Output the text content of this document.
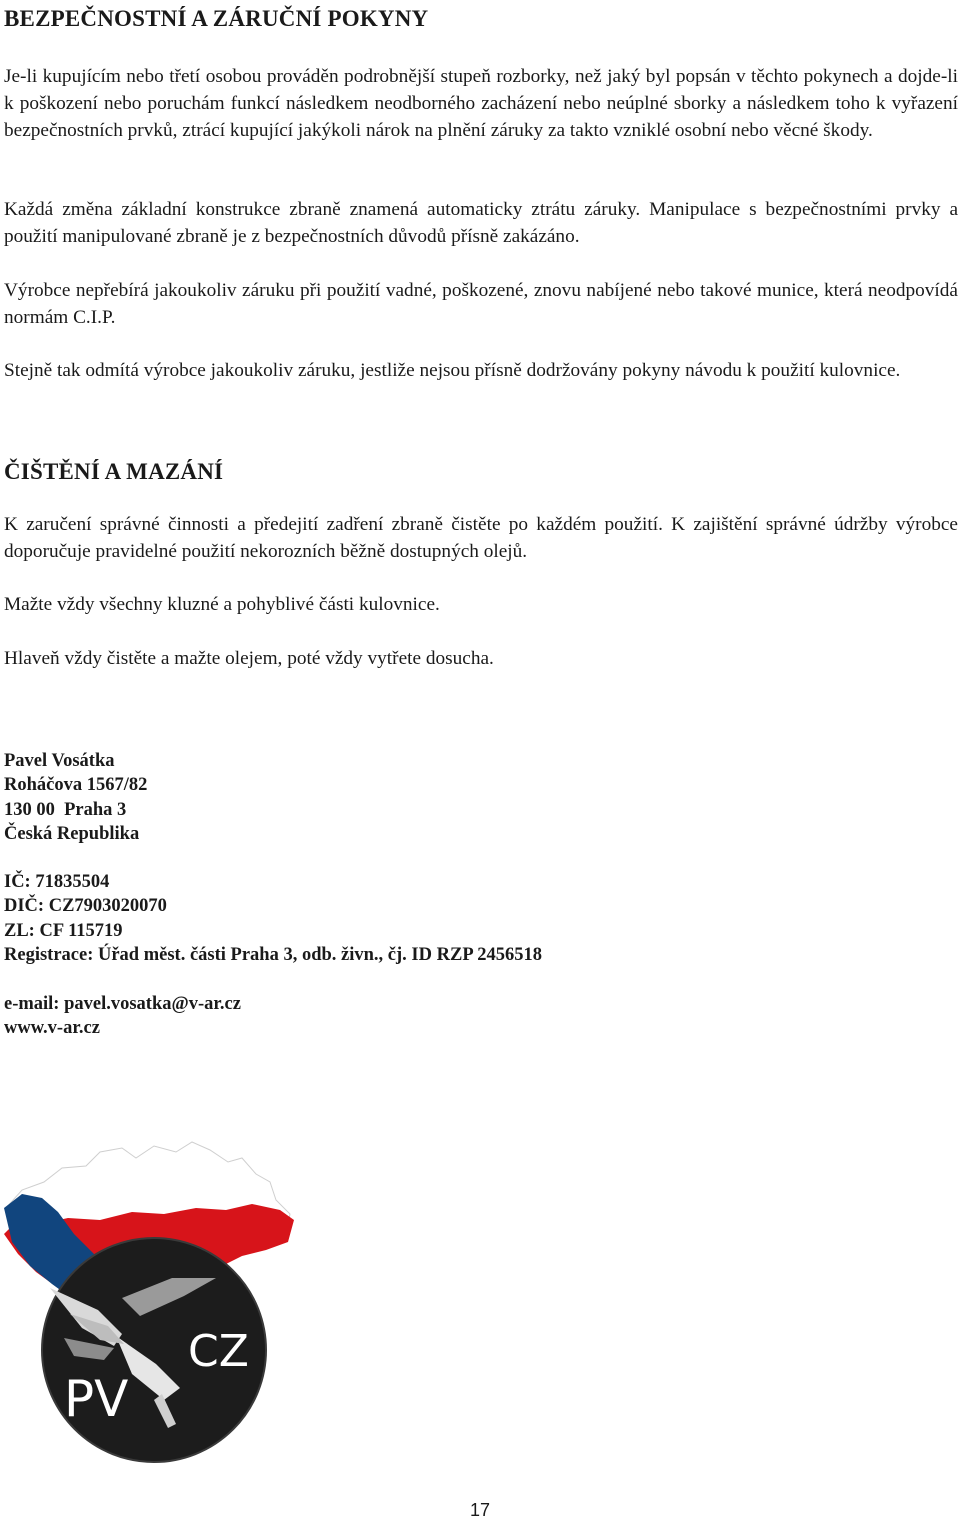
BEZPEČNOSTNÍ A ZÁRUČNÍ POKYNY

Je-li kupujícím nebo třetí osobou prováděn podrobnější stupeň rozborky, než jaký byl popsán v těchto pokynech a dojde-li k poškození nebo poruchám funkcí následkem neodborného zacházení nebo neúplné sborky a následkem toho k vyřazení bezpečnostních prvků, ztrácí kupující jakýkoli nárok na plnění záruky za takto vzniklé osobní nebo věcné škody.

Každá změna základní konstrukce zbraně znamená automaticky ztrátu záruky. Manipulace s bezpečnostními prvky a použití manipulované zbraně je z bezpečnostních důvodů přísně zakázáno.

Výrobce nepřebírá jakoukoliv záruku při použití vadné, poškozené, znovu nabíjené nebo takové munice, která neodpovídá normám C.I.P.

Stejně tak odmítá výrobce jakoukoliv záruku, jestliže nejsou přísně dodržovány pokyny návodu k použití kulovnice.

ČIŠTĚNÍ A MAZÁNÍ

K zaručení správné činnosti a předejití zadření zbraně čistěte po každém použití. K zajištění správné údržby výrobce doporučuje pravidelné použití nekorozních běžně dostupných olejů.

Mažte vždy všechny kluzné a pohyblivé části kulovnice.

Hlaveň vždy čistěte a mažte olejem, poté vždy vytřete dosucha.

Pavel Vosátka
Roháčova 1567/82
130 00  Praha 3
Česká Republika
IČ: 71835504
DIČ: CZ7903020070
ZL: CF 115719
Registrace: Úřad měst. části Praha 3, odb. živn., čj. ID RZP 2456518
e-mail: pavel.vosatka@v-ar.cz
www.v-ar.cz
PV
CZ
17
